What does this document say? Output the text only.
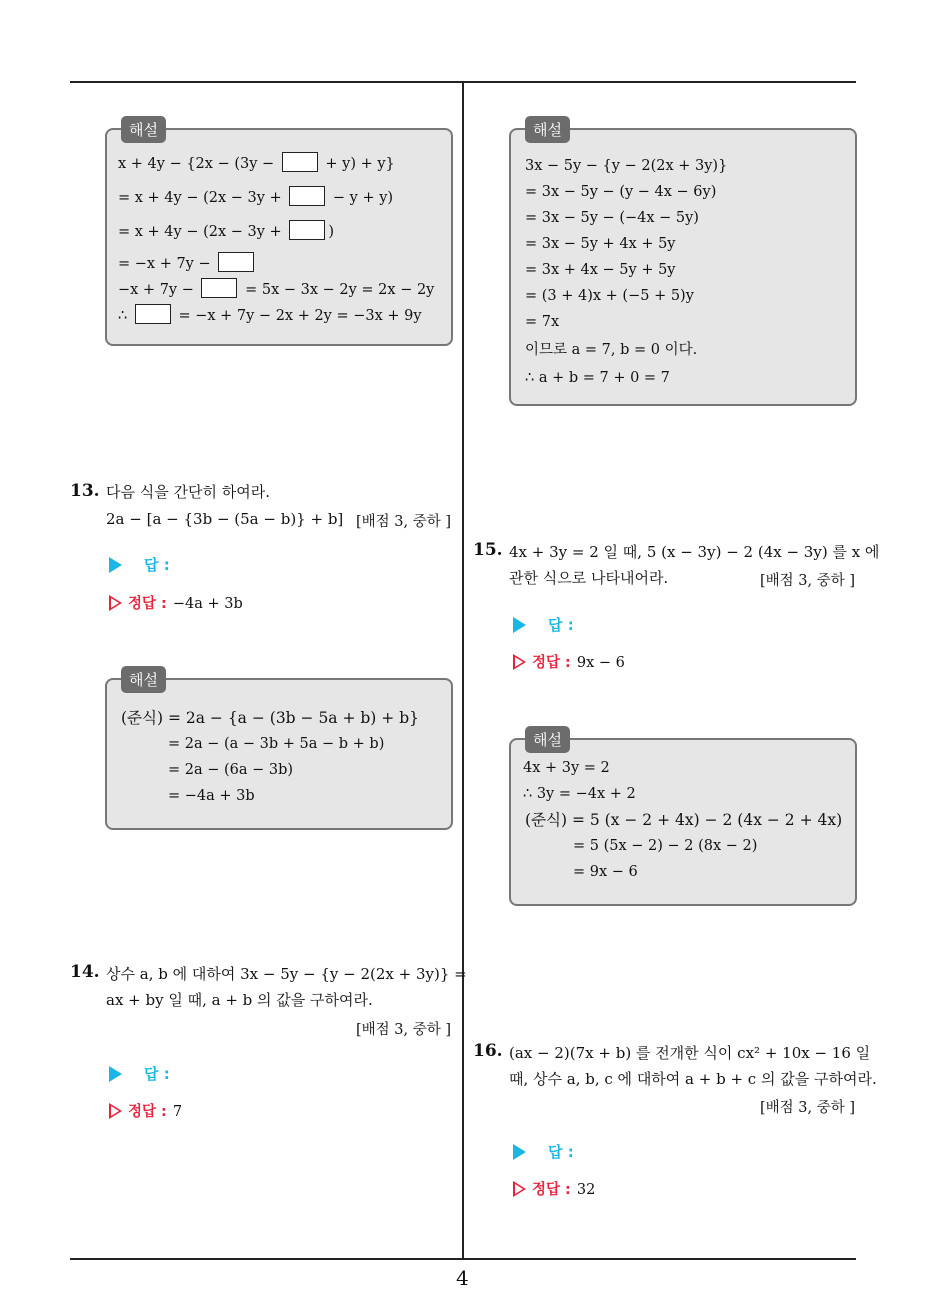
해설
x + 4y − {2x − (3y −	+ y) + y}
= x + 4y − (2x − 3y +	− y + y)
= x + 4y − (2x − 3y +	)
= −x + 7y −
−x + 7y −	= 5x − 3x − 2y = 2x − 2y
∴	= −x + 7y − 2x + 2y = −3x + 9y
해설
3x − 5y − {y − 2(2x + 3y)}
= 3x − 5y − (y − 4x − 6y)
= 3x − 5y − (−4x − 5y)
= 3x − 5y + 4x + 5y
= 3x + 4x − 5y + 5y
= (3 + 4)x + (−5 + 5)y
= 7x
이므로 a = 7, b = 0 이다.
∴ a + b = 7 + 0 = 7
13. 다음 식을 간단히 하여라.
2a − [a − {3b − (5a − b)} + b] [배점 3, 중하 ]
답 :
정답 : −4a + 3b
해설
(준식) = 2a − {a − (3b − 5a + b) + b}
= 2a − (a − 3b + 5a − b + b)
= 2a − (6a − 3b)
= −4a + 3b
14. 상수 a, b 에 대하여 3x − 5y − {y − 2(2x + 3y)} =
ax + by 일 때, a + b 의 값을 구하여라.
[배점 3, 중하 ]
답 :
정답 : 7
15. 4x + 3y = 2 일 때, 5 (x − 3y) − 2 (4x − 3y) 를 x 에
관한 식으로 나타내어라.	[배점 3, 중하 ]
답 :
정답 : 9x − 6
해설
4x + 3y = 2
∴ 3y = −4x + 2
(준식) = 5 (x − 2 + 4x) − 2 (4x − 2 + 4x)
= 5 (5x − 2) − 2 (8x − 2)
= 9x − 6
16. (ax − 2)(7x + b) 를 전개한 식이 cx² + 10x − 16 일
때, 상수 a, b, c 에 대하여 a + b + c 의 값을 구하여라.
[배점 3, 중하 ]
답 :
정답 : 32
4
